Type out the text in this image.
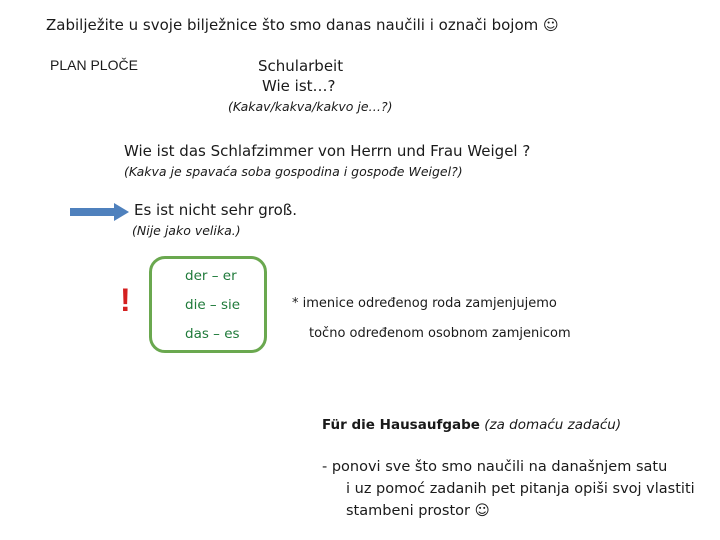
Zabilježite u svoje bilježnice što smo danas naučili i označi bojom ☺
PLAN PLOČE	Schularbeit
Wie ist…?
(Kakav/kakva/kakvo je…?)
Wie ist das Schlafzimmer von Herrn und Frau Weigel ?
(Kakva je spavaća soba gospodina i gospođe Weigel?)
Es ist nicht sehr groß.
(Nije jako velika.)
!
der – er
die – sie
das – es
* imenice određenog roda zamjenjujemo
točno određenom osobnom zamjenicom
Für die Hausaufgabe (za domaću zadaću)
- ponovi sve što smo naučili na današnjem satu
i uz pomoć zadanih pet pitanja opiši svoj vlastiti
stambeni prostor ☺
